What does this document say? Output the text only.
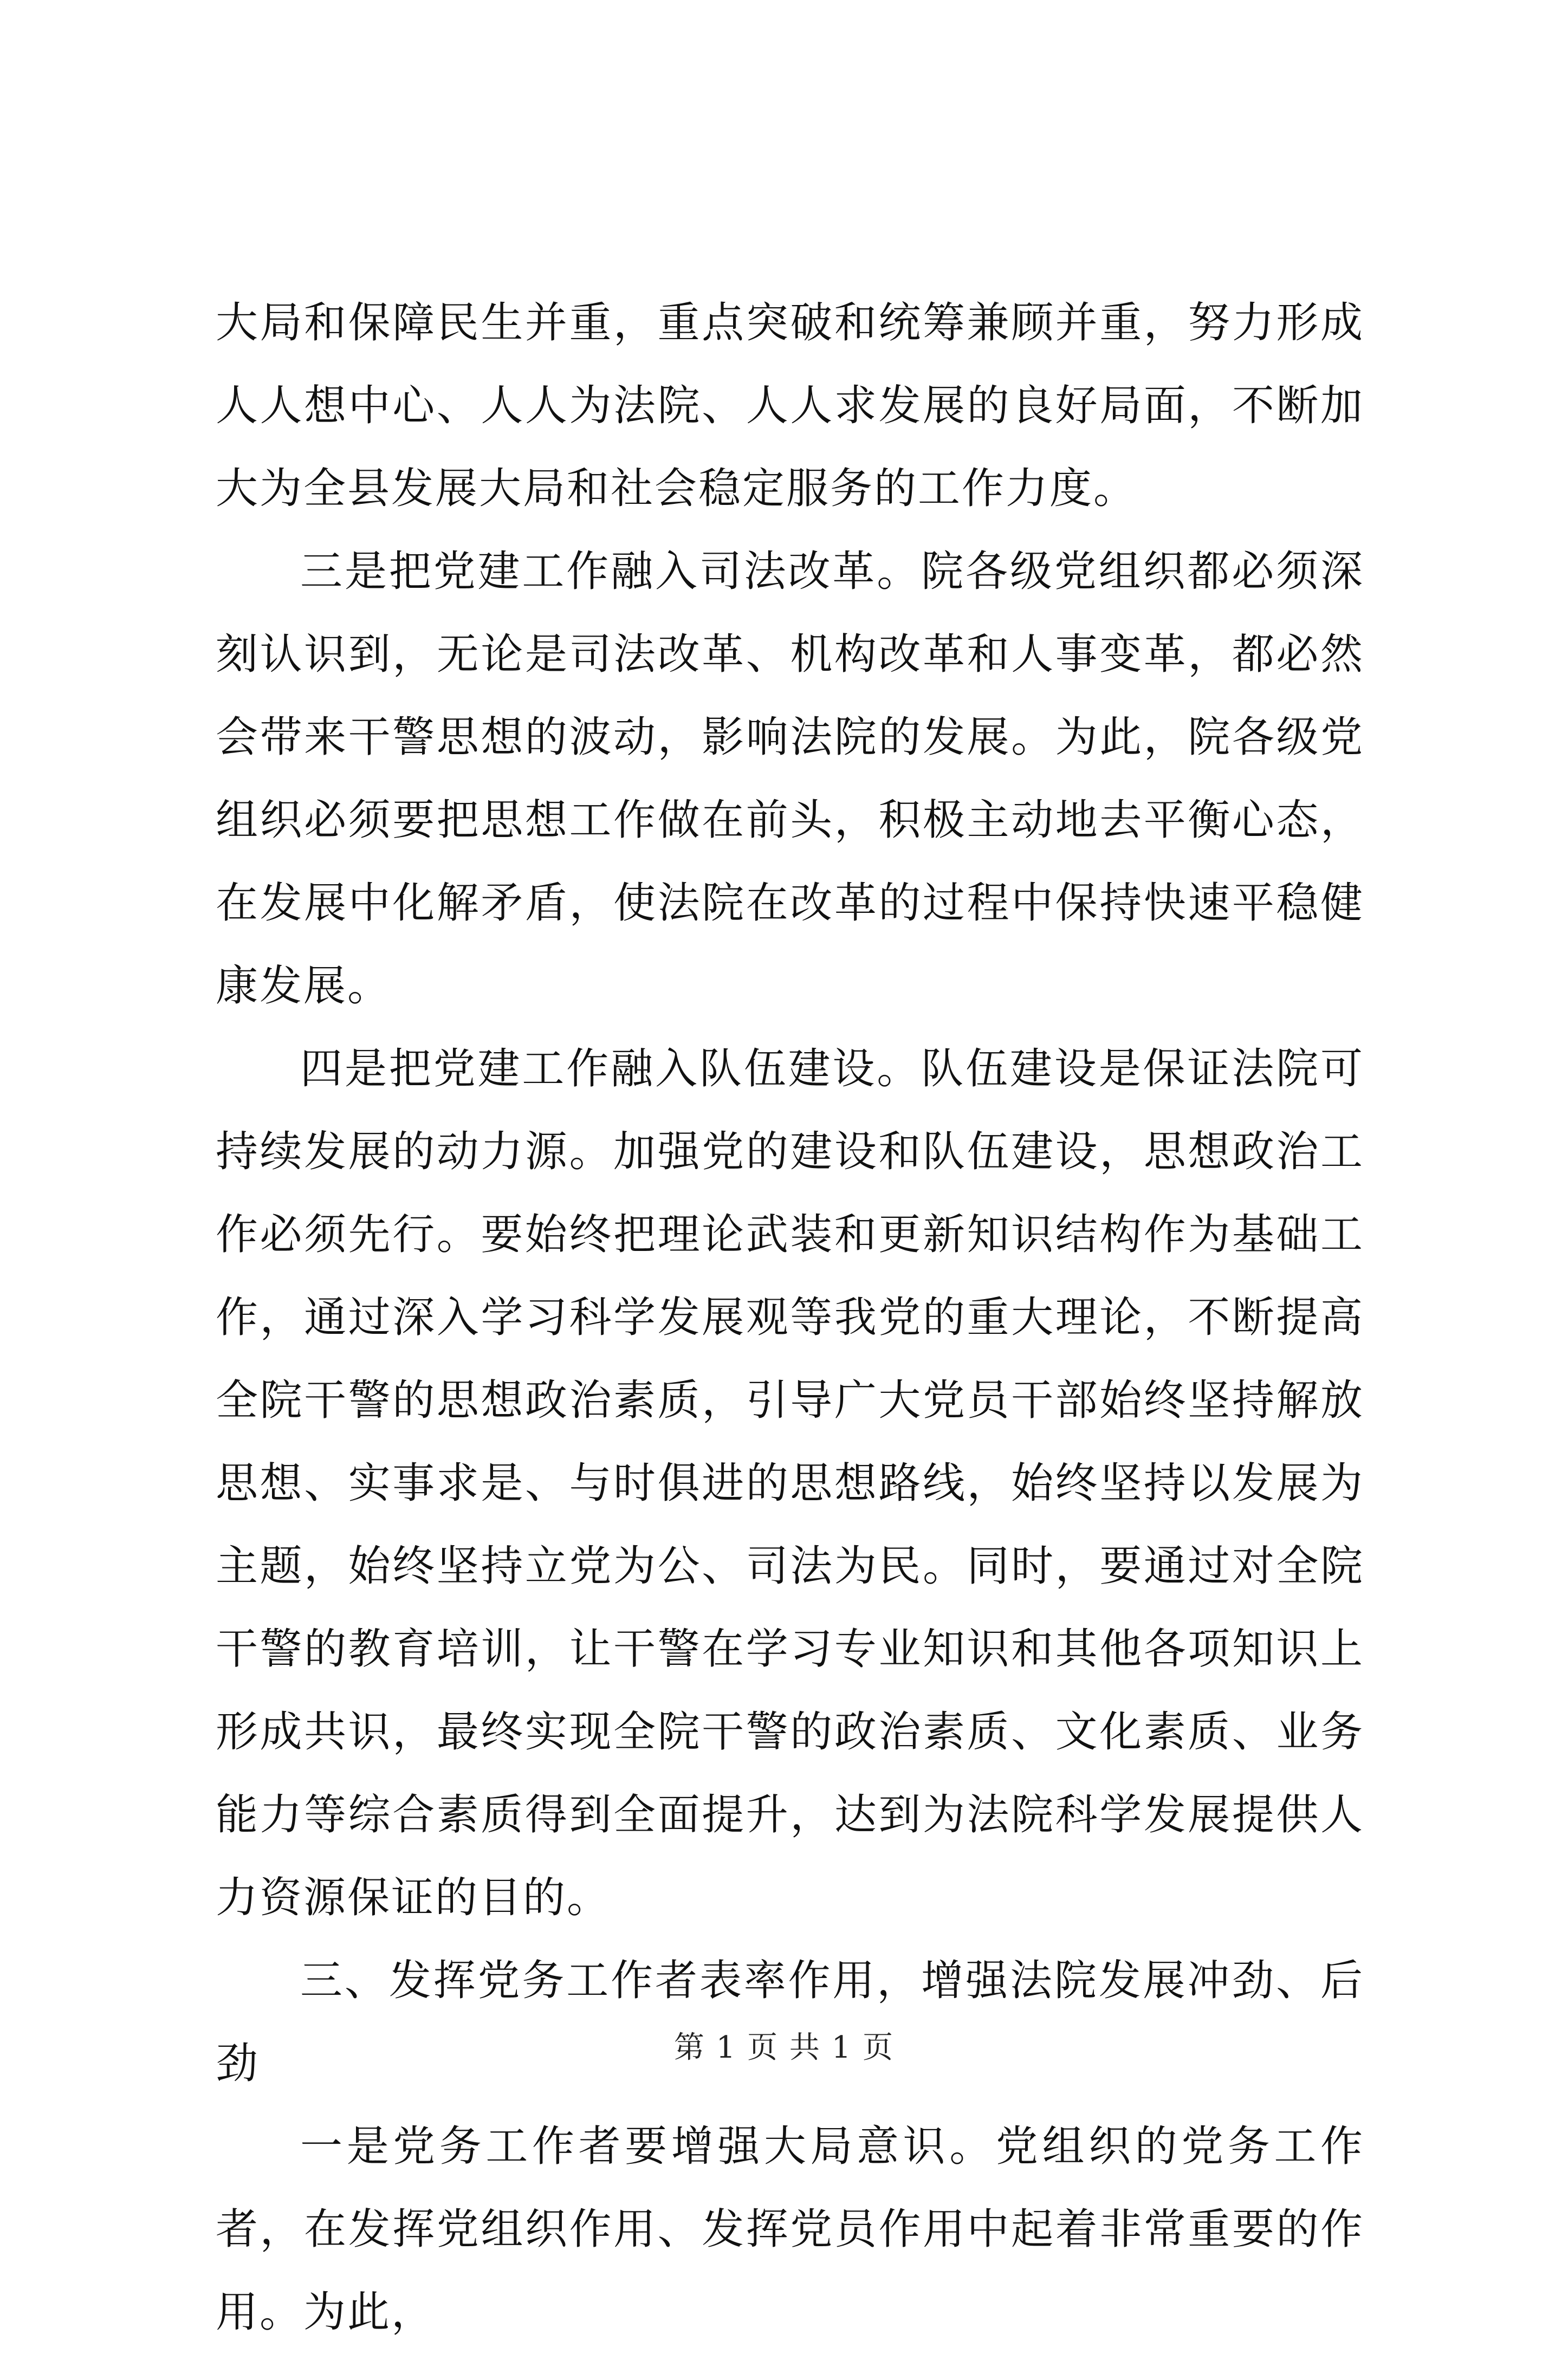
大局和保障民生并重，重点突破和统筹兼顾并重，努力形成人人想中心、人人为法院、人人求发展的良好局面，不断加大为全县发展大局和社会稳定服务的工作力度。

三是把党建工作融入司法改革。院各级党组织都必须深刻认识到，无论是司法改革、机构改革和人事变革，都必然会带来干警思想的波动，影响法院的发展。为此，院各级党组织必须要把思想工作做在前头，积极主动地去平衡心态，在发展中化解矛盾，使法院在改革的过程中保持快速平稳健康发展。

四是把党建工作融入队伍建设。队伍建设是保证法院可持续发展的动力源。加强党的建设和队伍建设，思想政治工作必须先行。要始终把理论武装和更新知识结构作为基础工作，通过深入学习科学发展观等我党的重大理论，不断提高全院干警的思想政治素质，引导广大党员干部始终坚持解放思想、实事求是、与时俱进的思想路线，始终坚持以发展为主题，始终坚持立党为公、司法为民。同时，要通过对全院干警的教育培训，让干警在学习专业知识和其他各项知识上形成共识，最终实现全院干警的政治素质、文化素质、业务能力等综合素质得到全面提升，达到为法院科学发展提供人力资源保证的目的。

三、发挥党务工作者表率作用，增强法院发展冲劲、后劲

一是党务工作者要增强大局意识。党组织的党务工作者，在发挥党组织作用、发挥党员作用中起着非常重要的作用。为此，

第 1 页 共 1 页
